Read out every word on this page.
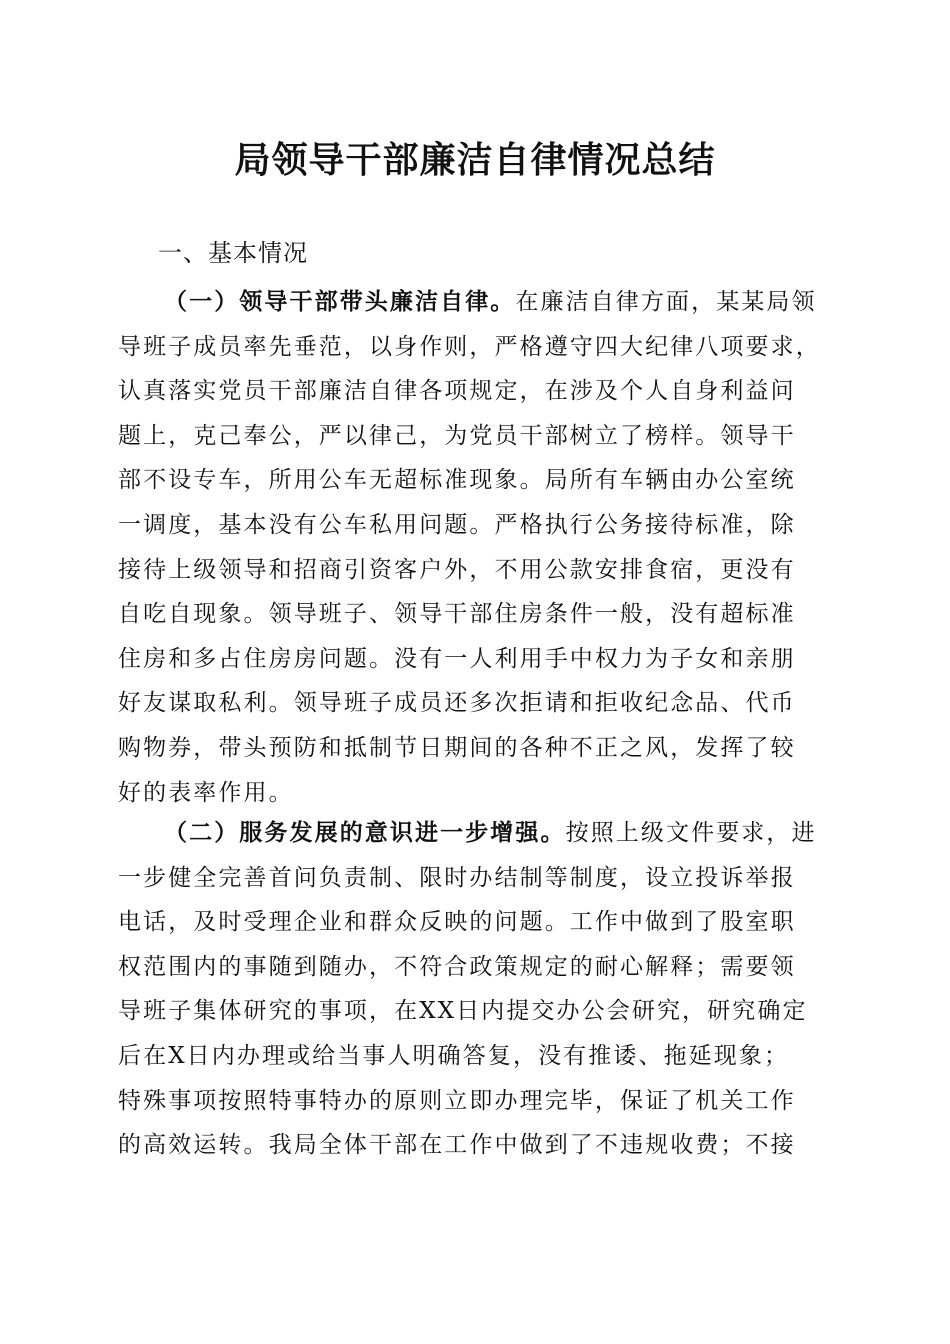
局领导干部廉洁自律情况总结
一、基本情况
（一）领导干部带头廉洁自律。在廉洁自律方面，某某局领
导班子成员率先垂范，以身作则，严格遵守四大纪律八项要求，
认真落实党员干部廉洁自律各项规定，在涉及个人自身利益问
题上，克己奉公，严以律己，为党员干部树立了榜样。领导干
部不设专车，所用公车无超标准现象。局所有车辆由办公室统
一调度，基本没有公车私用问题。严格执行公务接待标准，除
接待上级领导和招商引资客户外，不用公款安排食宿，更没有
自吃自现象。领导班子、领导干部住房条件一般，没有超标准
住房和多占住房房问题。没有一人利用手中权力为子女和亲朋
好友谋取私利。领导班子成员还多次拒请和拒收纪念品、代币
购物券，带头预防和抵制节日期间的各种不正之风，发挥了较
好的表率作用。
（二）服务发展的意识进一步增强。按照上级文件要求，进
一步健全完善首问负责制、限时办结制等制度，设立投诉举报
电话，及时受理企业和群众反映的问题。工作中做到了股室职
权范围内的事随到随办，不符合政策规定的耐心解释；需要领
导班子集体研究的事项，在XX日内提交办公会研究，研究确定
后在X日内办理或给当事人明确答复，没有推诿、拖延现象；
特殊事项按照特事特办的原则立即办理完毕，保证了机关工作
的高效运转。我局全体干部在工作中做到了不违规收费；不接
